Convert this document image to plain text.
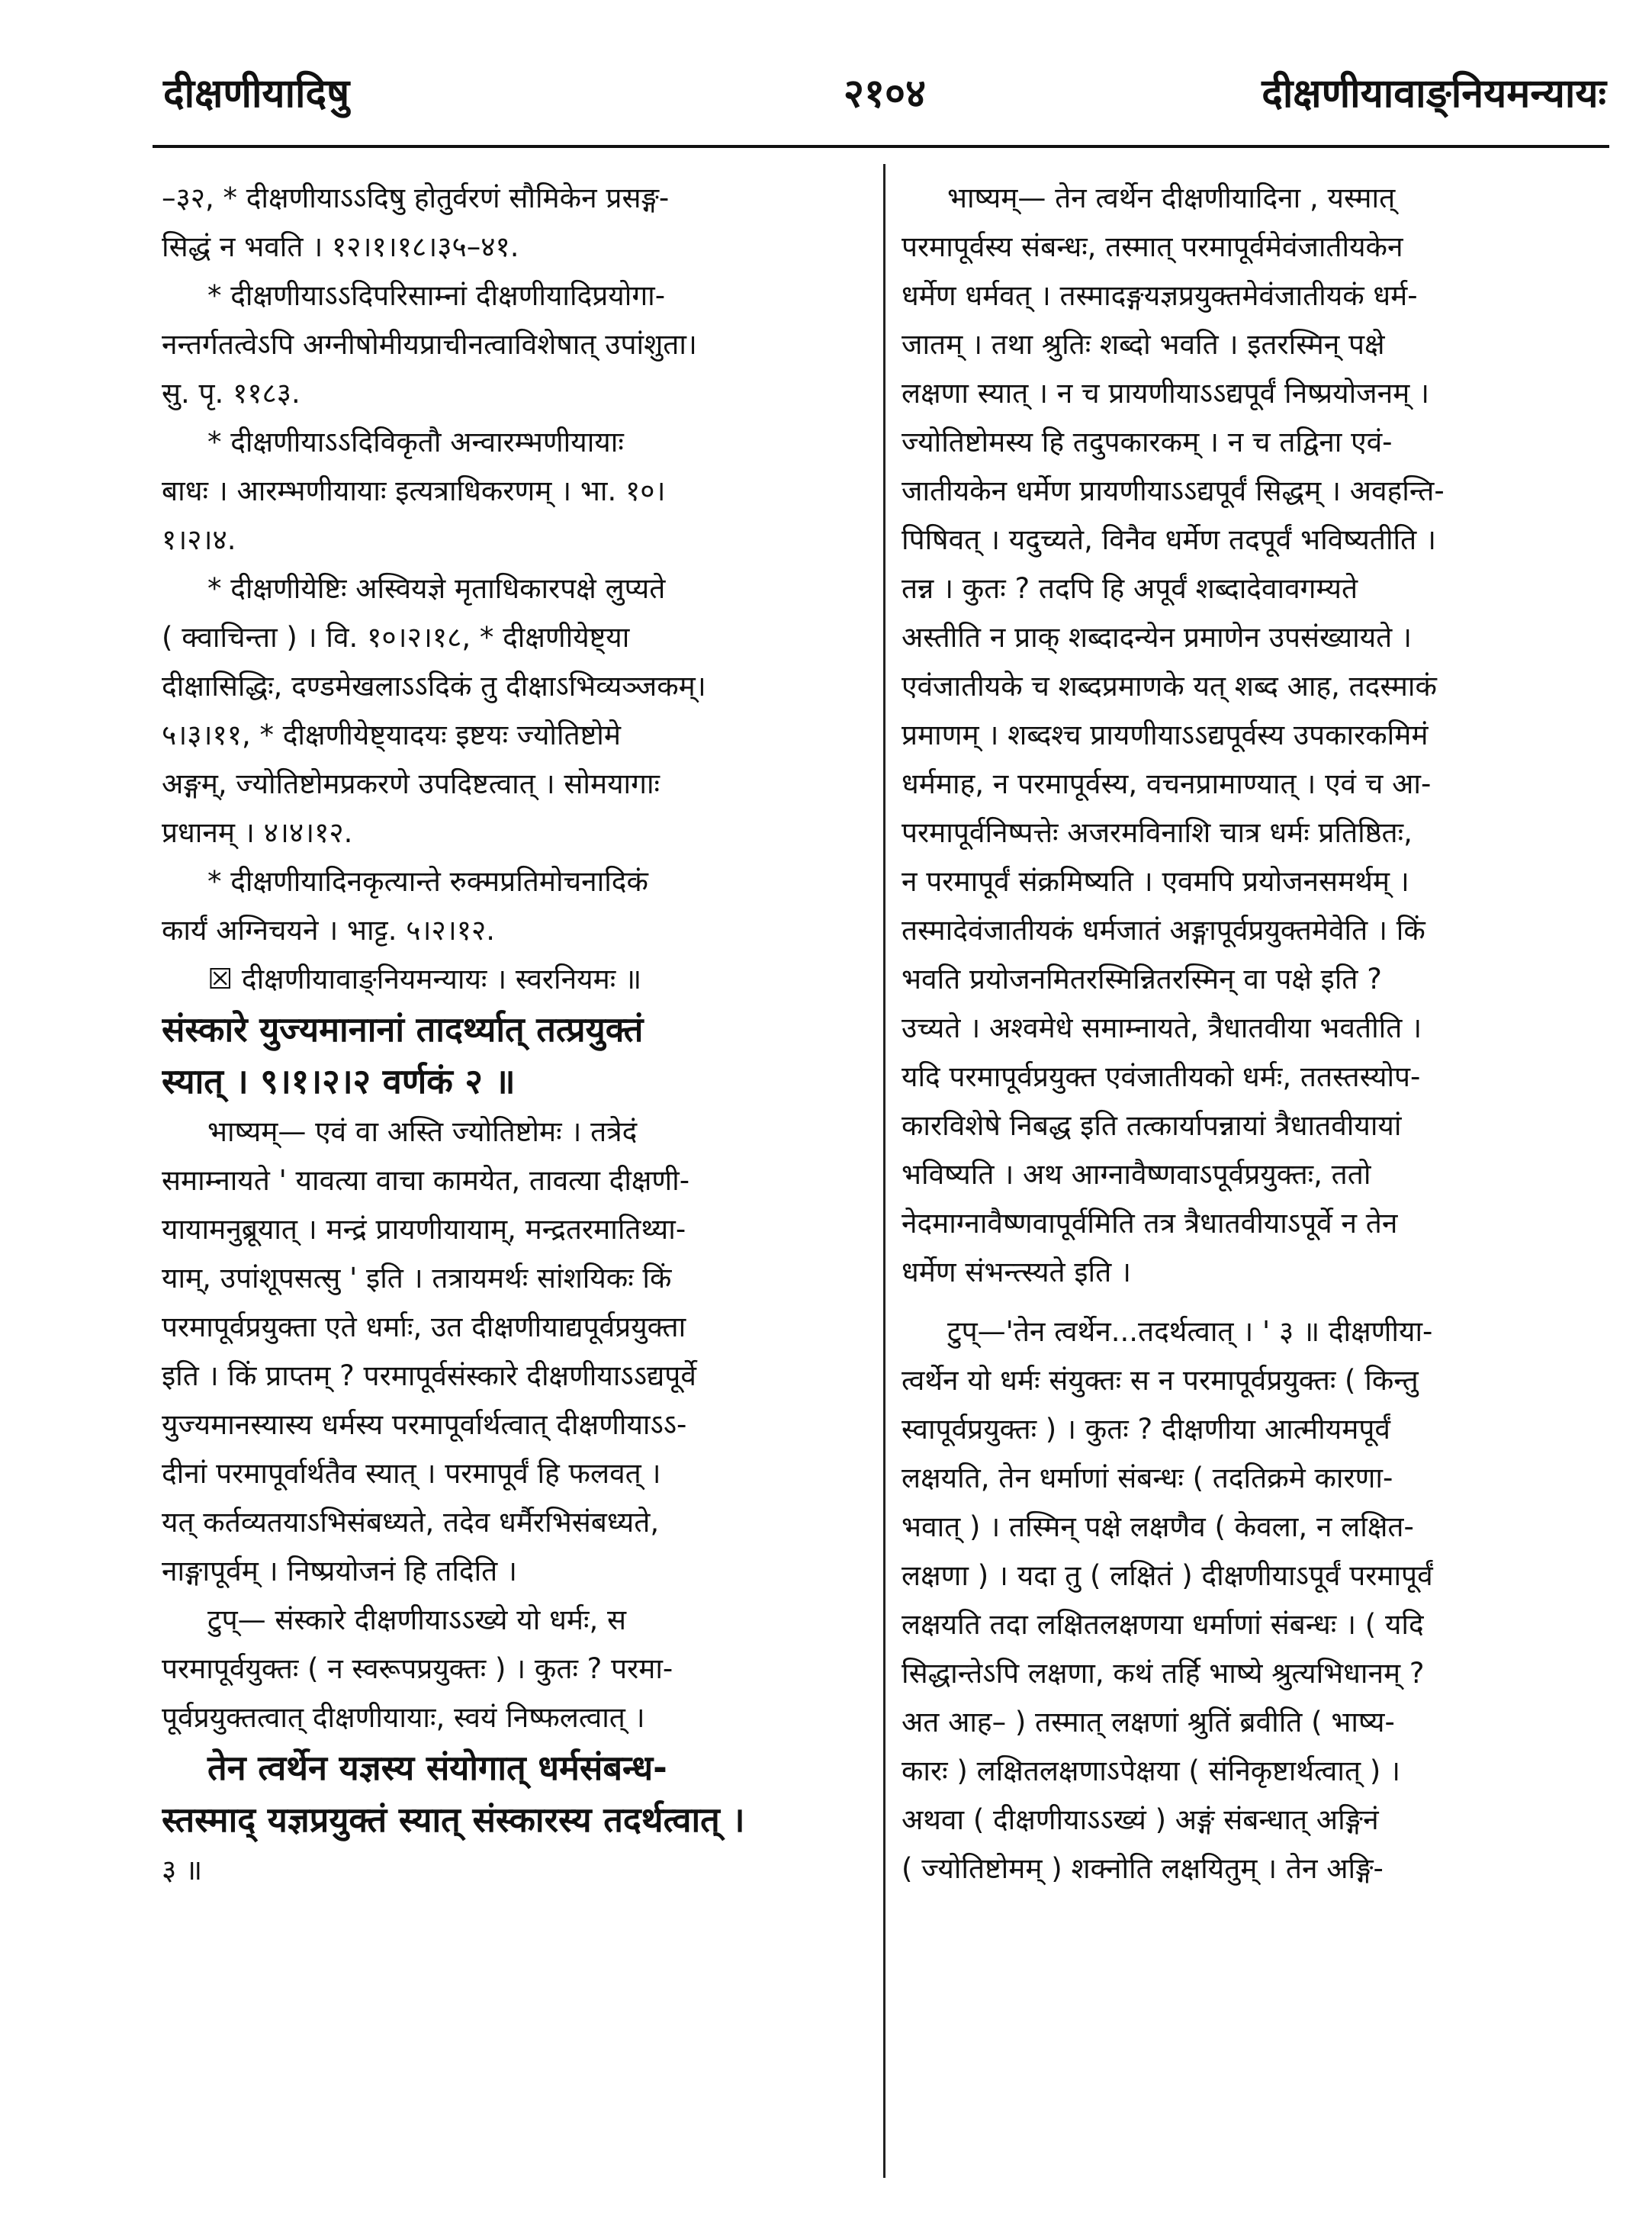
दीक्षणीयादिषु	२१०४	दीक्षणीयावाङ्नियमन्यायः
–३२, * दीक्षणीयाऽऽदिषु होतुर्वरणं सौमिकेन प्रसङ्ग-
सिद्धं न भवति । १२।१।१८।३५–४१.
* दीक्षणीयाऽऽदिपरिसाम्नां दीक्षणीयादिप्रयोगा-
नन्तर्गतत्वेऽपि अग्नीषोमीयप्राचीनत्वाविशेषात् उपांशुता।
सु. पृ. ११८३.
* दीक्षणीयाऽऽदिविकृतौ अन्वारम्भणीयायाः
बाधः । आरम्भणीयायाः इत्यत्राधिकरणम् । भा. १०।
१।२।४.
* दीक्षणीयेष्टिः अस्वियज्ञे मृताधिकारपक्षे लुप्यते
( क्वाचिन्ता ) । वि. १०।२।१८, * दीक्षणीयेष्ट्या
दीक्षासिद्धिः, दण्डमेखलाऽऽदिकं तु दीक्षाऽभिव्यञ्जकम्।
५।३।११, * दीक्षणीयेष्ट्यादयः इष्टयः ज्योतिष्टोमे
अङ्गम्, ज्योतिष्टोमप्रकरणे उपदिष्टत्वात् । सोमयागाः
प्रधानम् । ४।४।१२.
* दीक्षणीयादिनकृत्यान्ते रुक्मप्रतिमोचनादिकं
कार्यं अग्निचयने । भाट्ट. ५।२।१२.
☒ दीक्षणीयावाङ्नियमन्यायः । स्वरनियमः ॥
संस्कारे युज्यमानानां तादर्थ्यात् तत्प्रयुक्तं
स्यात् । ९।१।२।२ वर्णकं २ ॥
भाष्यम्— एवं वा अस्ति ज्योतिष्टोमः । तत्रेदं
समाम्नायते ' यावत्या वाचा कामयेत, तावत्या दीक्षणी-
यायामनुब्रूयात् । मन्द्रं प्रायणीयायाम्, मन्द्रतरमातिथ्या-
याम्, उपांशूपसत्सु ' इति । तत्रायमर्थः सांशयिकः किं
परमापूर्वप्रयुक्ता एते धर्माः, उत दीक्षणीयाद्यपूर्वप्रयुक्ता
इति । किं प्राप्तम् ? परमापूर्वसंस्कारे दीक्षणीयाऽऽद्यपूर्वे
युज्यमानस्यास्य धर्मस्य परमापूर्वार्थत्वात् दीक्षणीयाऽऽ-
दीनां परमापूर्वार्थतैव स्यात् । परमापूर्वं हि फलवत् ।
यत् कर्तव्यतयाऽभिसंबध्यते, तदेव धर्मैरभिसंबध्यते,
नाङ्गापूर्वम् । निष्प्रयोजनं हि तदिति ।
टुप्— संस्कारे दीक्षणीयाऽऽख्ये यो धर्मः, स
परमापूर्वयुक्तः ( न स्वरूपप्रयुक्तः ) । कुतः ? परमा-
पूर्वप्रयुक्तत्वात् दीक्षणीयायाः, स्वयं निष्फलत्वात् ।
तेन त्वर्थेन यज्ञस्य संयोगात् धर्मसंबन्ध-
स्तस्माद् यज्ञप्रयुक्तं स्यात् संस्कारस्य तदर्थत्वात् ।
३ ॥
भाष्यम्— तेन त्वर्थेन दीक्षणीयादिना , यस्मात्
परमापूर्वस्य संबन्धः, तस्मात् परमापूर्वमेवंजातीयकेन
धर्मेण धर्मवत् । तस्मादङ्गयज्ञप्रयुक्तमेवंजातीयकं धर्म-
जातम् । तथा श्रुतिः शब्दो भवति । इतरस्मिन् पक्षे
लक्षणा स्यात् । न च प्रायणीयाऽऽद्यपूर्वं निष्प्रयोजनम् ।
ज्योतिष्टोमस्य हि तदुपकारकम् । न च तद्विना एवं-
जातीयकेन धर्मेण प्रायणीयाऽऽद्यपूर्वं सिद्धम् । अवहन्ति-
पिषिवत् । यदुच्यते, विनैव धर्मेण तदपूर्वं भविष्यतीति ।
तन्न । कुतः ? तदपि हि अपूर्वं शब्दादेवावगम्यते
अस्तीति न प्राक् शब्दादन्येन प्रमाणेन उपसंख्यायते ।
एवंजातीयके च शब्दप्रमाणके यत् शब्द आह, तदस्माकं
प्रमाणम् । शब्दश्च प्रायणीयाऽऽद्यपूर्वस्य उपकारकमिमं
धर्ममाह, न परमापूर्वस्य, वचनप्रामाण्यात् । एवं च आ-
परमापूर्वनिष्पत्तेः अजरमविनाशि चात्र धर्मः प्रतिष्ठितः,
न परमापूर्वं संक्रमिष्यति । एवमपि प्रयोजनसमर्थम् ।
तस्मादेवंजातीयकं धर्मजातं अङ्गापूर्वप्रयुक्तमेवेति । किं
भवति प्रयोजनमितरस्मिन्नितरस्मिन् वा पक्षे इति ?
उच्यते । अश्वमेधे समाम्नायते, त्रैधातवीया भवतीति ।
यदि परमापूर्वप्रयुक्त एवंजातीयको धर्मः, ततस्तस्योप-
कारविशेषे निबद्ध इति तत्कार्यापन्नायां त्रैधातवीयायां
भविष्यति । अथ आग्नावैष्णवाऽपूर्वप्रयुक्तः, ततो
नेदमाग्नावैष्णवापूर्वमिति तत्र त्रैधातवीयाऽपूर्वे न तेन
धर्मेण संभन्त्स्यते इति ।
टुप्—'तेन त्वर्थेन...तदर्थत्वात् । ' ३ ॥ दीक्षणीया-
त्वर्थेन यो धर्मः संयुक्तः स न परमापूर्वप्रयुक्तः ( किन्तु
स्वापूर्वप्रयुक्तः ) । कुतः ? दीक्षणीया आत्मीयमपूर्वं
लक्षयति, तेन धर्माणां संबन्धः ( तदतिक्रमे कारणा-
भवात् ) । तस्मिन् पक्षे लक्षणैव ( केवला, न लक्षित-
लक्षणा ) । यदा तु ( लक्षितं ) दीक्षणीयाऽपूर्वं परमापूर्वं
लक्षयति तदा लक्षितलक्षणया धर्माणां संबन्धः । ( यदि
सिद्धान्तेऽपि लक्षणा, कथं तर्हि भाष्ये श्रुत्यभिधानम् ?
अत आह– ) तस्मात् लक्षणां श्रुतिं ब्रवीति ( भाष्य-
कारः ) लक्षितलक्षणाऽपेक्षया ( संनिकृष्टार्थत्वात् ) ।
अथवा ( दीक्षणीयाऽऽख्यं ) अङ्गं संबन्धात् अङ्गिनं
( ज्योतिष्टोमम् ) शक्नोति लक्षयितुम् । तेन अङ्गि-
